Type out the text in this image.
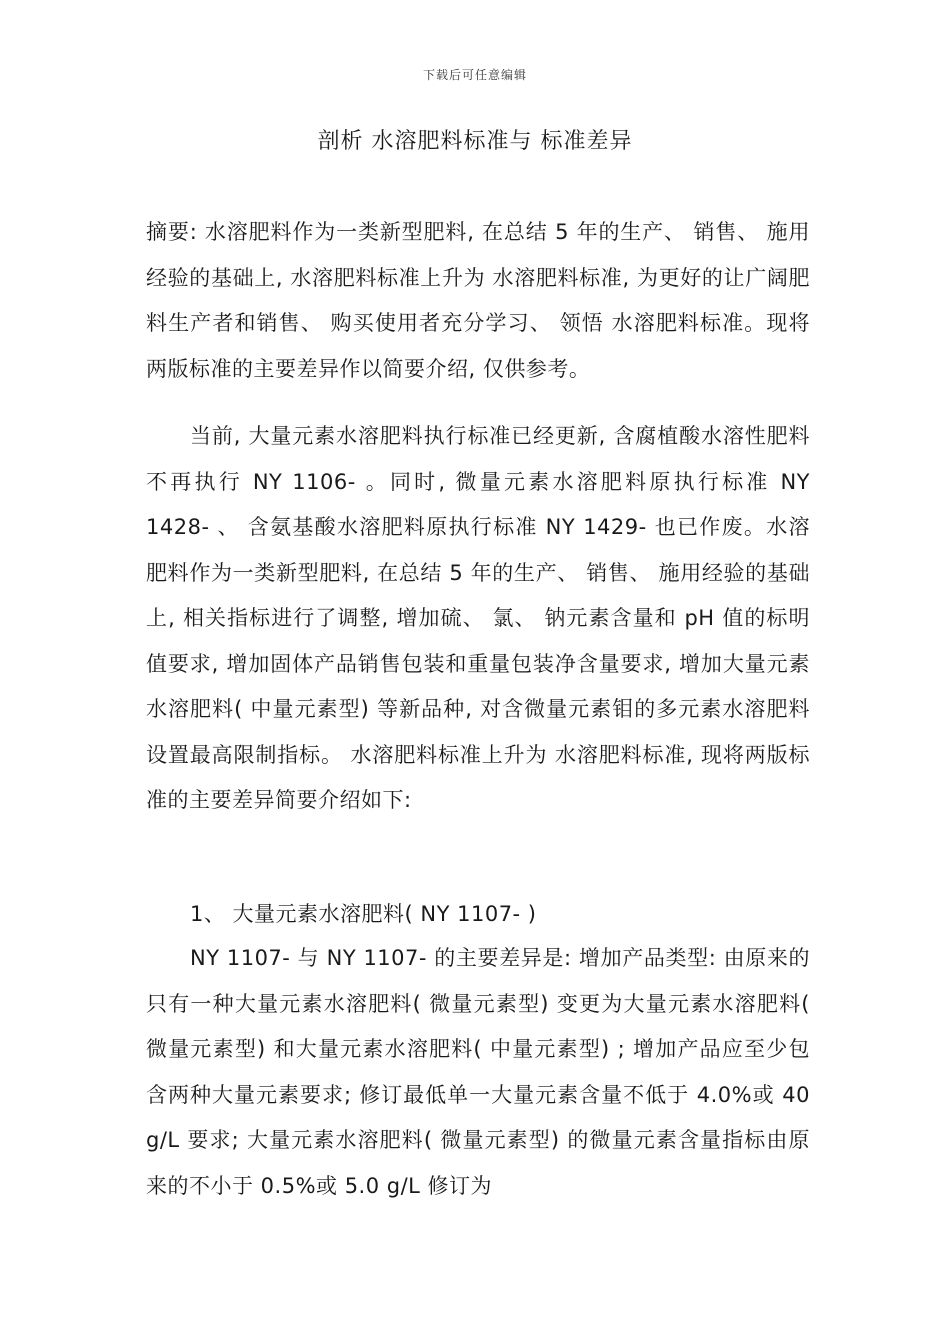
下载后可任意编辑
剖析 水溶肥料标准与 标准差异

摘要: 水溶肥料作为一类新型肥料, 在总结 5 年的生产、 销售、 施用经验的基础上, 水溶肥料标准上升为 水溶肥料标准, 为更好的让广阔肥料生产者和销售、 购买使用者充分学习、 领悟 水溶肥料标准。现将两版标准的主要差异作以简要介绍, 仅供参考。

当前, 大量元素水溶肥料执行标准已经更新, 含腐植酸水溶性肥料不再执行 NY 1106- 。同时, 微量元素水溶肥料原执行标准 NY 1428- 、 含氨基酸水溶肥料原执行标准 NY 1429- 也已作废。水溶肥料作为一类新型肥料, 在总结 5 年的生产、 销售、 施用经验的基础上, 相关指标进行了调整, 增加硫、 氯、 钠元素含量和 pH 值的标明值要求, 增加固体产品销售包装和重量包装净含量要求, 增加大量元素水溶肥料( 中量元素型) 等新品种, 对含微量元素钼的多元素水溶肥料设置最高限制指标。 水溶肥料标准上升为 水溶肥料标准, 现将两版标准的主要差异简要介绍如下:

1、 大量元素水溶肥料( NY 1107- )

NY 1107- 与 NY 1107- 的主要差异是: 增加产品类型: 由原来的只有一种大量元素水溶肥料( 微量元素型) 变更为大量元素水溶肥料( 微量元素型) 和大量元素水溶肥料( 中量元素型) ; 增加产品应至少包含两种大量元素要求; 修订最低单一大量元素含量不低于 4.0%或 40 g/L 要求; 大量元素水溶肥料( 微量元素型) 的微量元素含量指标由原来的不小于 0.5%或 5.0 g/L 修订为
